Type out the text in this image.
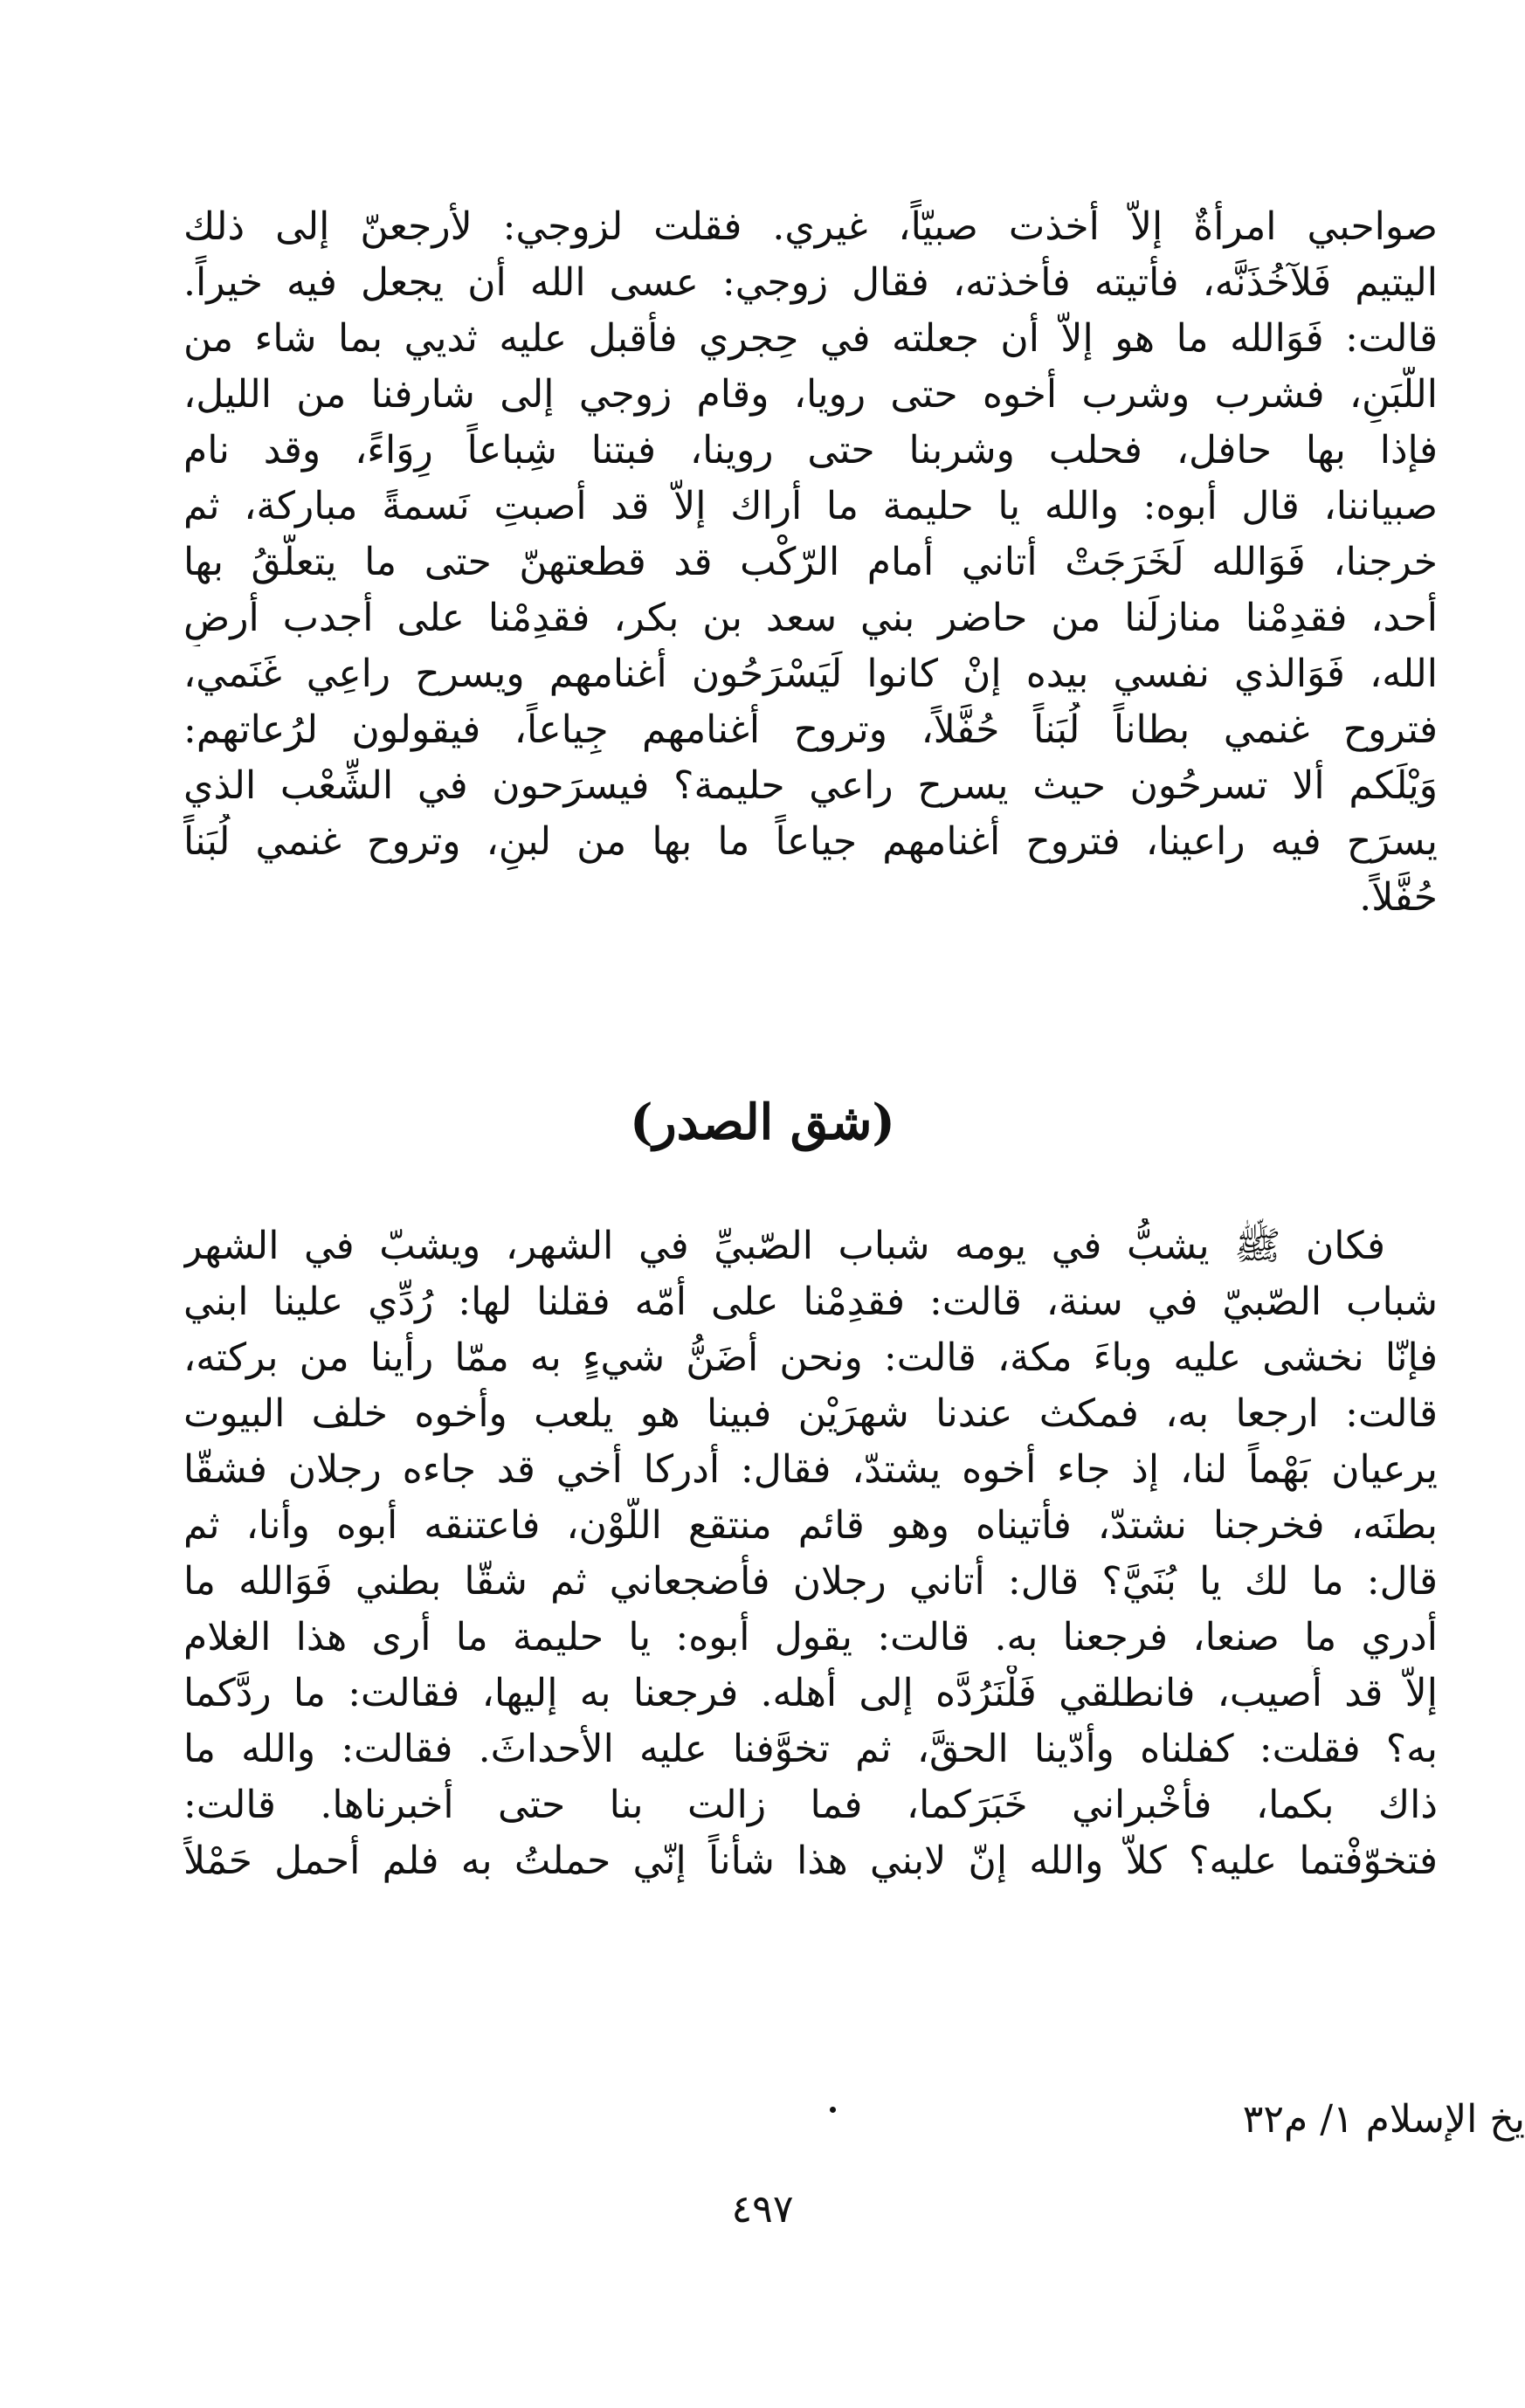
صواحبي امرأةٌ إلاّ أخذت صبيّاً، غيري. فقلت لزوجي: لأرجعنّ إلى ذلك
اليتيم فَلآخُذَنَّه، فأتيته فأخذته، فقال زوجي: عسى الله أن يجعل فيه خيراً.
قالت: فَوَالله ما هو إلاّ أن جعلته في حِجري فأقبل عليه ثديي بما شاء من
اللَّبَنِ، فشرب وشرب أخوه حتى رويا، وقام زوجي إلى شارفنا من الليل،
فإذا بها حافل، فحلب وشربنا حتى روينا، فبتنا شِباعاً رِوَاءً، وقد نام
صبياننا، قال أبوه: والله يا حليمة ما أراك إلاّ قد أصبتِ نَسمةً مباركة، ثم
خرجنا، فَوَالله لَخَرَجَتْ أتاني أمام الرّكْب قد قطعتهنّ حتى ما يتعلّقُ بها
أحد، فقدِمْنا منازلَنا من حاضر بني سعد بن بكر، فقدِمْنا على أجدب أرضِ
الله، فَوَالذي نفسي بيده إنْ كانوا لَيَسْرَحُون أغنامهم ويسرح راعِي غَنَمي،
فتروح غنمي بطاناً لُبَناً حُفَّلاً، وتروح أغنامهم جِياعاً، فيقولون لرُعاتهم:
وَيْلَكم ألا تسرحُون حيث يسرح راعي حليمة؟ فيسرَحون في الشِّعْب الذي
يسرَح فيه راعينا، فتروح أغنامهم جياعاً ما بها من لبنٍ، وتروح غنمي لُبَناً
حُفَّلاً.
(شق الصدر)
فكان ﷺ يشبُّ في يومه شباب الصّبيِّ في الشهر، ويشبّ في الشهر
شباب الصّبيّ في سنة، قالت: فقدِمْنا على أمّه فقلنا لها: رُدِّي علينا ابني
فإنّا نخشى عليه وباءَ مكة، قالت: ونحن أضَنُّ شيءٍ به ممّا رأينا من بركته،
قالت: ارجعا به، فمكث عندنا شهرَيْن فبينا هو يلعب وأخوه خلف البيوت
يرعيان بَهْماً لنا، إذ جاء أخوه يشتدّ، فقال: أدركا أخي قد جاءه رجلان فشقّا
بطنَه، فخرجنا نشتدّ، فأتيناه وهو قائم منتقع اللَّوْن، فاعتنقه أبوه وأنا، ثم
قال: ما لك يا بُنَيَّ؟ قال: أتاني رجلان فأضجعاني ثم شقّا بطني فَوَالله ما
أدري ما صنعا، فرجعنا به. قالت: يقول أبوه: يا حليمة ما أرى هذا الغلام
إلاّ قد أُصيب، فانطلقي فَلْنَرُدَّه إلى أهله. فرجعنا به إليها، فقالت: ما ردَّكما
به؟ فقلت: كفلناه وأدّينا الحقَّ، ثم تخوَّفنا عليه الأحداثَ. فقالت: والله ما
ذاك بكما، فأخْبراني خَبَرَكما، فما زالت بنا حتى أخبرناها. قالت:
فتخوّفْتما عليه؟ كلاّ والله إنّ لابني هذا شأناً إنّي حملتُ به فلم أحمل حَمْلاً
يخ الإسلام ١/ م٣٢
٤٩٧
